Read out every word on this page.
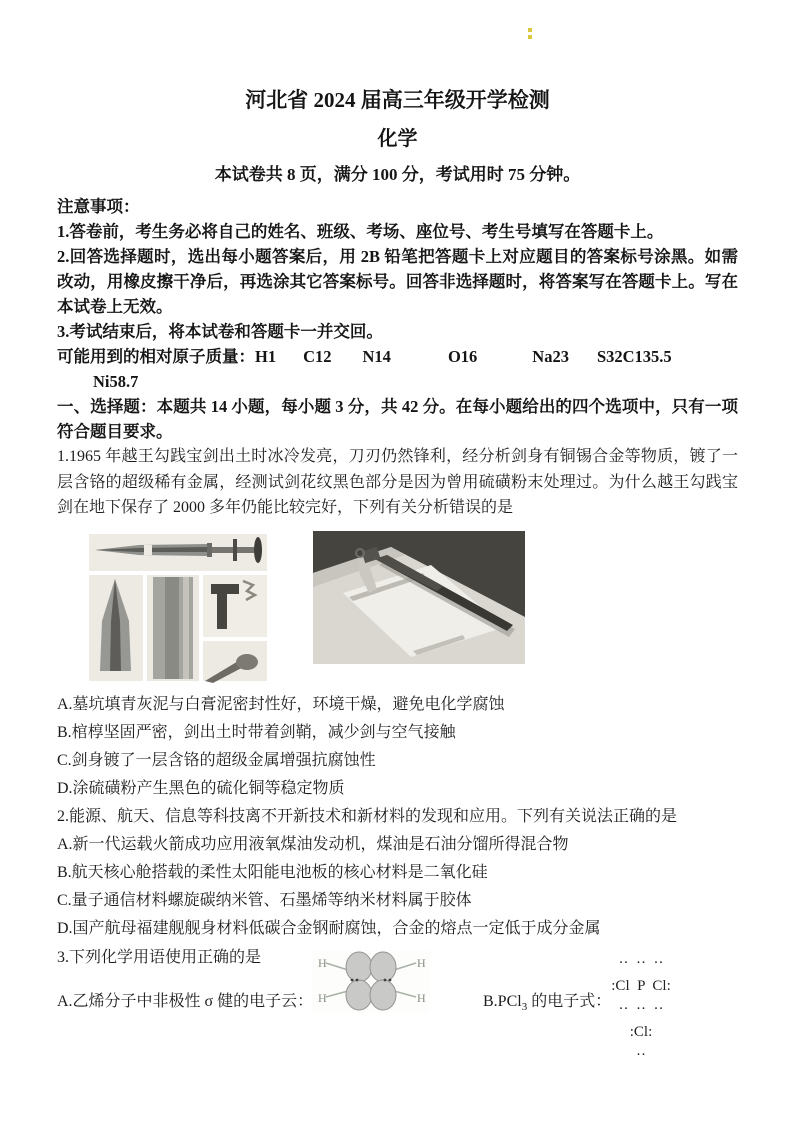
河北省 2024 届高三年级开学检测
化学

本试卷共 8 页，满分 100 分，考试用时 75 分钟。

注意事项：

1.答卷前，考生务必将自己的姓名、班级、考场、座位号、考生号填写在答题卡上。

2.回答选择题时，选出每小题答案后，用 2B 铅笔把答题卡上对应题目的答案标号涂黑。如需改动，用橡皮擦干净后，再选涂其它答案标号。回答非选择题时，将答案写在答题卡上。写在本试卷上无效。

3.考试结束后，将本试卷和答题卡一并交回。

可能用到的相对原子质量：H1 C12 N14	O16	Na23 S32C135.5

Ni58.7

一、选择题：本题共 14 小题，每小题 3 分，共 42 分。在每小题给出的四个选项中，只有一项符合题目要求。

1.1965 年越王勾践宝剑出土时冰冷发亮，刀刃仍然锋利，经分析剑身有铜锡合金等物质，镀了一层含铬的超级稀有金属，经测试剑花纹黑色部分是因为曾用硫磺粉末处理过。为什么越王勾践宝剑在地下保存了 2000 多年仍能比较完好，下列有关分析错误的是

A.墓坑填青灰泥与白膏泥密封性好，环境干燥，避免电化学腐蚀

B.棺椁坚固严密，剑出土时带着剑鞘，减少剑与空气接触

C.剑身镀了一层含铬的超级金属增强抗腐蚀性

D.涂硫磺粉产生黑色的硫化铜等稳定物质

2.能源、航天、信息等科技离不开新技术和新材料的发现和应用。下列有关说法正确的是

A.新一代运载火箭成功应用液氧煤油发动机，煤油是石油分馏所得混合物

B.航天核心舱搭载的柔性太阳能电池板的核心材料是二氧化硅

C.量子通信材料螺旋碳纳米管、石墨烯等纳米材料属于胶体

D.国产航母福建舰舰身材料低碳合金钢耐腐蚀，合金的熔点一定低于成分金属

3.下列化学用语使用正确的是	H
H
H
H

A.乙烯分子中非极性 σ 健的电子云：	B.PCl$_3$ 的电子式：

··  ··  ··
:Cl  P  Cl:
··  ··  ··
:Cl:
··
